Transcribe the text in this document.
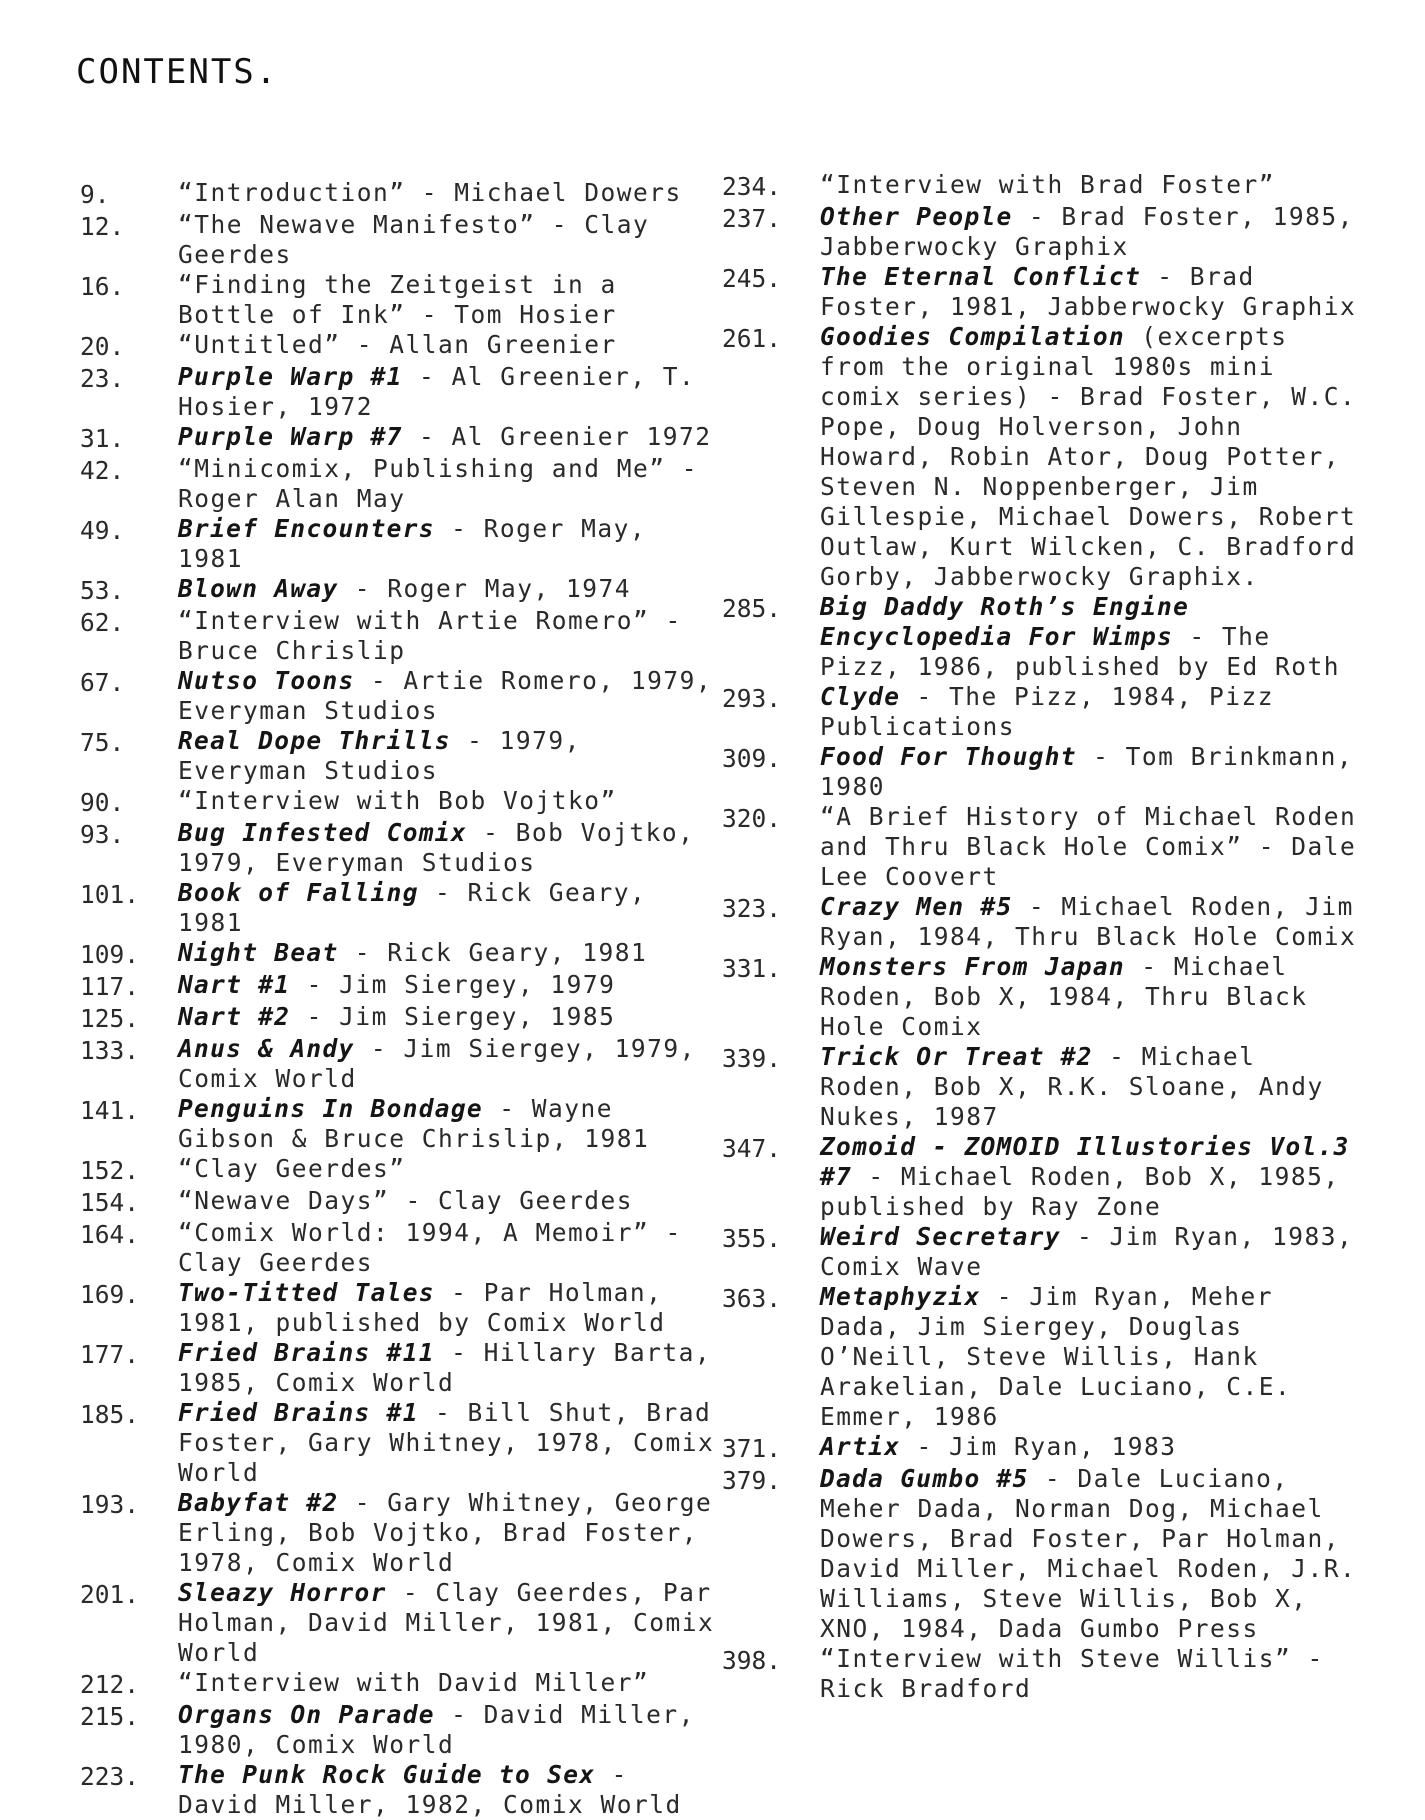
CONTENTS.
9.	“Introduction” - Michael Dowers
12.	“The Newave Manifesto” - Clay Geerdes
16.	“Finding the Zeitgeist in a Bottle of Ink” - Tom Hosier
20.	“Untitled” - Allan Greenier
23.	Purple Warp #1 - Al Greenier, T. Hosier, 1972
31.	Purple Warp #7 - Al Greenier 1972
42.	“Minicomix, Publishing and Me” - Roger Alan May
49.	Brief Encounters - Roger May, 1981
53.	Blown Away - Roger May, 1974
62.	“Interview with Artie Romero” - Bruce Chrislip
67.	Nutso Toons - Artie Romero, 1979, Everyman Studios
75.	Real Dope Thrills - 1979, Everyman Studios
90.	“Interview with Bob Vojtko”
93.	Bug Infested Comix - Bob Vojtko, 1979, Everyman Studios
101.	Book of Falling - Rick Geary, 1981
109.	Night Beat - Rick Geary, 1981
117.	Nart #1 - Jim Siergey, 1979
125.	Nart #2 - Jim Siergey, 1985
133.	Anus & Andy - Jim Siergey, 1979, Comix World
141.	Penguins In Bondage - Wayne Gibson & Bruce Chrislip, 1981
152.	“Clay Geerdes”
154.	“Newave Days” - Clay Geerdes
164.	“Comix World: 1994, A Memoir” - Clay Geerdes
169.	Two-Titted Tales - Par Holman, 1981, published by Comix World
177.	Fried Brains #11 - Hillary Barta, 1985, Comix World
185.	Fried Brains #1 - Bill Shut, Brad Foster, Gary Whitney, 1978, Comix World
193.	Babyfat #2 - Gary Whitney, George Erling, Bob Vojtko, Brad Foster, 1978, Comix World
201.	Sleazy Horror - Clay Geerdes, Par Holman, David Miller, 1981, Comix World
212.	“Interview with David Miller”
215.	Organs On Parade - David Miller, 1980, Comix World
223.	The Punk Rock Guide to Sex - David Miller, 1982, Comix World
234.	“Interview with Brad Foster”
237.	Other People - Brad Foster, 1985, Jabberwocky Graphix
245.	The Eternal Conflict - Brad Foster, 1981, Jabberwocky Graphix
261.	Goodies Compilation (excerpts from the original 1980s mini comix series) - Brad Foster, W.C. Pope, Doug Holverson, John Howard, Robin Ator, Doug Potter, Steven N. Noppenberger, Jim Gillespie, Michael Dowers, Robert Outlaw, Kurt Wilcken, C. Bradford Gorby, Jabberwocky Graphix.
285.	Big Daddy Roth’s Engine Encyclopedia For Wimps - The Pizz, 1986, published by Ed Roth
293.	Clyde - The Pizz, 1984, Pizz Publications
309.	Food For Thought - Tom Brinkmann, 1980
320.	“A Brief History of Michael Roden and Thru Black Hole Comix” - Dale Lee Coovert
323.	Crazy Men #5 - Michael Roden, Jim Ryan, 1984, Thru Black Hole Comix
331.	Monsters From Japan - Michael Roden, Bob X, 1984, Thru Black Hole Comix
339.	Trick Or Treat #2 - Michael Roden, Bob X, R.K. Sloane, Andy Nukes, 1987
347.	Zomoid - ZOMOID Illustories Vol.3 #7 - Michael Roden, Bob X, 1985, published by Ray Zone
355.	Weird Secretary - Jim Ryan, 1983, Comix Wave
363.	Metaphyzix - Jim Ryan, Meher Dada, Jim Siergey, Douglas O’Neill, Steve Willis, Hank Arakelian, Dale Luciano, C.E. Emmer, 1986
371.	Artix - Jim Ryan, 1983
379.	Dada Gumbo #5 - Dale Luciano, Meher Dada, Norman Dog, Michael Dowers, Brad Foster, Par Holman, David Miller, Michael Roden, J.R. Williams, Steve Willis, Bob X, XNO, 1984, Dada Gumbo Press
398.	“Interview with Steve Willis” - Rick Bradford
